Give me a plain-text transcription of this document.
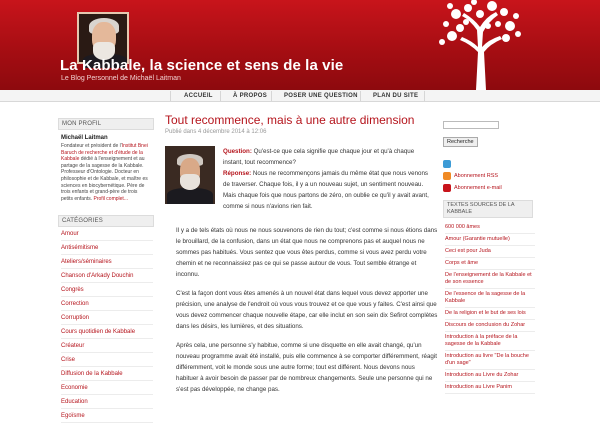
La Kabbale, la science et sens de la vie
Le Blog Personnel de Michaël Laitman
ACCUEIL	À PROPOS	POSER UNE QUESTION	PLAN DU SITE
MON PROFIL
Michaël Laitman
Fondateur et président de l'Institut Bnei Baruch de recherche et d'étude de la Kabbale dédié à l'enseignement et au partage de la sagesse de la Kabbale. Professeur d'Ontologie. Docteur en philosophie et de Kabbale, et maître es sciences en biocybernétique. Père de trois enfants et grand-père de trois petits enfants. Profil complet...
CATÉGORIES
Amour
Antisémitisme
Ateliers/séminaires
Chanson d'Arkady Douchin
Congrès
Correction
Corruption
Cours quotidien de Kabbale
Créateur
Crise
Diffusion de la Kabbale
Economie
Education
Egoïsme
Tout recommence, mais à une autre dimension
Publié dans 4 décembre 2014 à 12:06

Question: Qu'est-ce que cela signifie que chaque jour et qu'à chaque instant, tout recommence?
Réponse: Nous ne recommençons jamais du même état que nous venons de traverser. Chaque fois, il y a un nouveau sujet, un sentiment nouveau. Mais chaque fois que nous partons de zéro, on oublie ce qu'il y avait avant, comme si nous n'avions rien fait.

Il y a de tels états où nous ne nous souvenons de rien du tout; c'est comme si nous étions dans le brouillard, de la confusion, dans un état que nous ne comprenons pas et auquel nous ne sommes pas habitués. Vous sentez que vous êtes perdus, comme si vous avez perdu votre chemin et ne reconnaissiez pas ce qui se passe autour de vous. Tout semble étrange et inconnu.

C'est la façon dont vous êtes amenés à un nouvel état dans lequel vous devez apporter une précision, une analyse de l'endroit où vous vous trouvez et ce que vous y faites. C'est ainsi que vous devez commencer chaque nouvelle étape, car elle inclut en son sein dix Sefirot complètes dans les désirs, les lumières, et des situations.

Après cela, une personne s'y habitue, comme si une disquette en elle avait changé, qu'un nouveau programme avait été installé, puis elle commence à se comporter différemment, réagit différemment, voit le monde sous une autre forme; tout est différent. Nous devons nous habituer à avoir besoin de passer par de nombreux changements. Seule une personne qui ne s'est pas développée, ne change pas.

Recherche
Abonnement RSS
Abonnement e-mail
TEXTES SOURCES DE LA KABBALE
600 000 âmes
Amour (Garantie mutuelle)
Ceci est pour Juda
Corps et âme
De l'enseignement de la Kabbale et de son essence
De l'essence de la sagesse de la Kabbale
De la religion et le but de ses lois
Discours de conclusion du Zohar
Introduction à la préface de la sagesse de la Kabbale
Introduction au livre "De la bouche d'un sage"
Introduction au Livre du Zohar
Introduction au Livre Panim
